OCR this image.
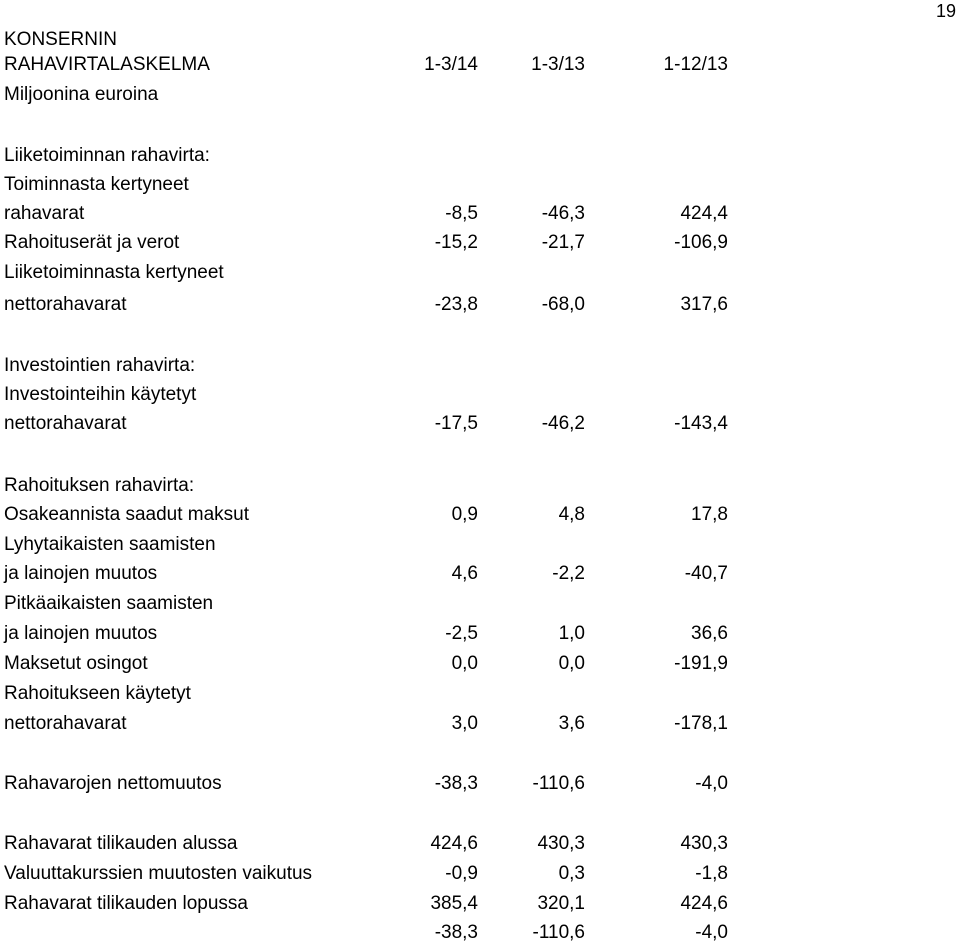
19
KONSERNIN
RAHAVIRTALASKELMA	1-3/14	1-3/13	1-12/13
Miljoonina euroina
Liiketoiminnan rahavirta:
Toiminnasta kertyneet
rahavarat	-8,5	-46,3	424,4
Rahoituserät ja verot	-15,2	-21,7	-106,9
Liiketoiminnasta kertyneet
nettorahavarat	-23,8	-68,0	317,6
Investointien rahavirta:
Investointeihin käytetyt
nettorahavarat	-17,5	-46,2	-143,4
Rahoituksen rahavirta:
Osakeannista saadut maksut	0,9	4,8	17,8
Lyhytaikaisten saamisten
ja lainojen muutos	4,6	-2,2	-40,7
Pitkäaikaisten saamisten
ja lainojen muutos	-2,5	1,0	36,6
Maksetut osingot	0,0	0,0	-191,9
Rahoitukseen käytetyt
nettorahavarat	3,0	3,6	-178,1
Rahavarojen nettomuutos	-38,3	-110,6	-4,0
Rahavarat tilikauden alussa	424,6	430,3	430,3
Valuuttakurssien muutosten vaikutus	-0,9	0,3	-1,8
Rahavarat tilikauden lopussa	385,4	320,1	424,6
-38,3	-110,6	-4,0
